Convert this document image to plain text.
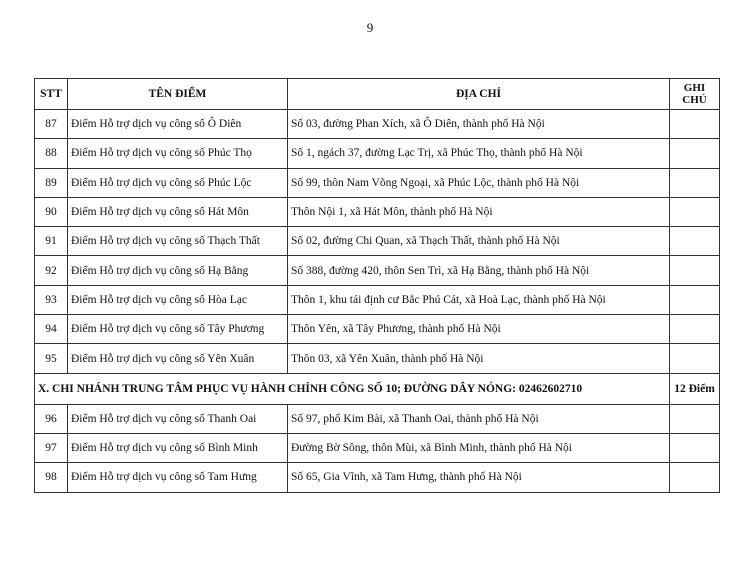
9
STT	TÊN ĐIỂM	ĐỊA CHỈ	GHI CHÚ
87	Điểm Hỗ trợ dịch vụ công số Ô Diên	Số 03, đường Phan Xích, xã Ô Diên, thành phố Hà Nội	
88	Điểm Hỗ trợ dịch vụ công số Phúc Thọ	Số 1, ngách 37, đường Lạc Trị, xã Phúc Thọ, thành phố Hà Nội	
89	Điểm Hỗ trợ dịch vụ công số Phúc Lộc	Số 99, thôn Nam Võng Ngoại, xã Phúc Lộc, thành phố Hà Nội	
90	Điểm Hỗ trợ dịch vụ công số Hát Môn	Thôn Nội 1, xã Hát Môn, thành phố Hà Nội	
91	Điểm Hỗ trợ dịch vụ công số Thạch Thất	Số 02, đường Chi Quan, xã Thạch Thất, thành phố Hà Nội	
92	Điểm Hỗ trợ dịch vụ công số Hạ Bằng	Số 388, đường 420, thôn Sen Trì, xã Hạ Bằng, thành phố Hà Nội	
93	Điểm Hỗ trợ dịch vụ công số Hòa Lạc	Thôn 1, khu tái định cư Bắc Phú Cát, xã Hoà Lạc, thành phố Hà Nội	
94	Điểm Hỗ trợ dịch vụ công số Tây Phương	Thôn Yên, xã Tây Phương, thành phố Hà Nội	
95	Điểm Hỗ trợ dịch vụ công số Yên Xuân	Thôn 03, xã Yên Xuân, thành phố Hà Nội	
X. CHI NHÁNH TRUNG TÂM PHỤC VỤ HÀNH CHÍNH CÔNG SỐ 10; ĐƯỜNG DÂY NÓNG: 02462602710			12 Điểm
96	Điểm Hỗ trợ dịch vụ công số Thanh Oai	Số 97, phố Kim Bài, xã Thanh Oai, thành phố Hà Nội	
97	Điểm Hỗ trợ dịch vụ công số Bình Minh	Đường Bờ Sông, thôn Mùi, xã Bình Minh, thành phố Hà Nội	
98	Điểm Hỗ trợ dịch vụ công số Tam Hưng	Số 65, Gia Vĩnh, xã Tam Hưng, thành phố Hà Nội	
